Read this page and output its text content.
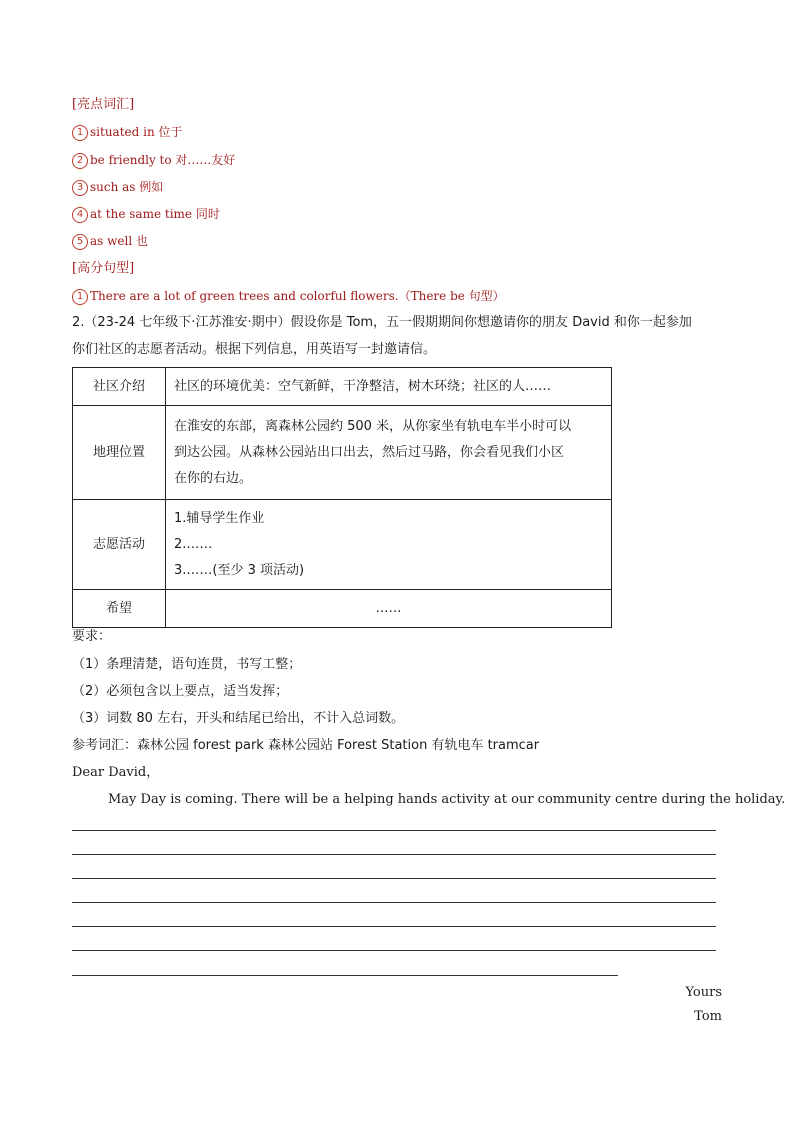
[亮点词汇]
1 situated in 位于
2 be friendly to 对……友好
3 such as 例如
4 at the same time 同时
5 as well 也
[高分句型]
1 There are a lot of green trees and colorful flowers.（There be 句型）
2.（23-24 七年级下·江苏淮安·期中）假设你是 Tom，五一假期期间你想邀请你的朋友 David 和你一起参加
你们社区的志愿者活动。根据下列信息，用英语写一封邀请信。
社区介绍	社区的环境优美：空气新鲜，干净整洁，树木环绕；社区的人……

地理位置	在淮安的东部，离森林公园约 500 米，从你家坐有轨电车半小时可以
到达公园。从森林公园站出口出去，然后过马路，你会看见我们小区
在你的右边。

志愿活动	1.辅导学生作业
2.……
3.……(至少 3 项活动)

希望	……
要求：
（1）条理清楚，语句连贯，书写工整；
（2）必须包含以上要点，适当发挥；
（3）词数 80 左右，开头和结尾已给出，不计入总词数。
参考词汇：森林公园 forest park 森林公园站 Forest Station 有轨电车 tramcar
Dear David，
May Day is coming. There will be a helping hands activity at our community centre during the holiday.
Yours
Tom
